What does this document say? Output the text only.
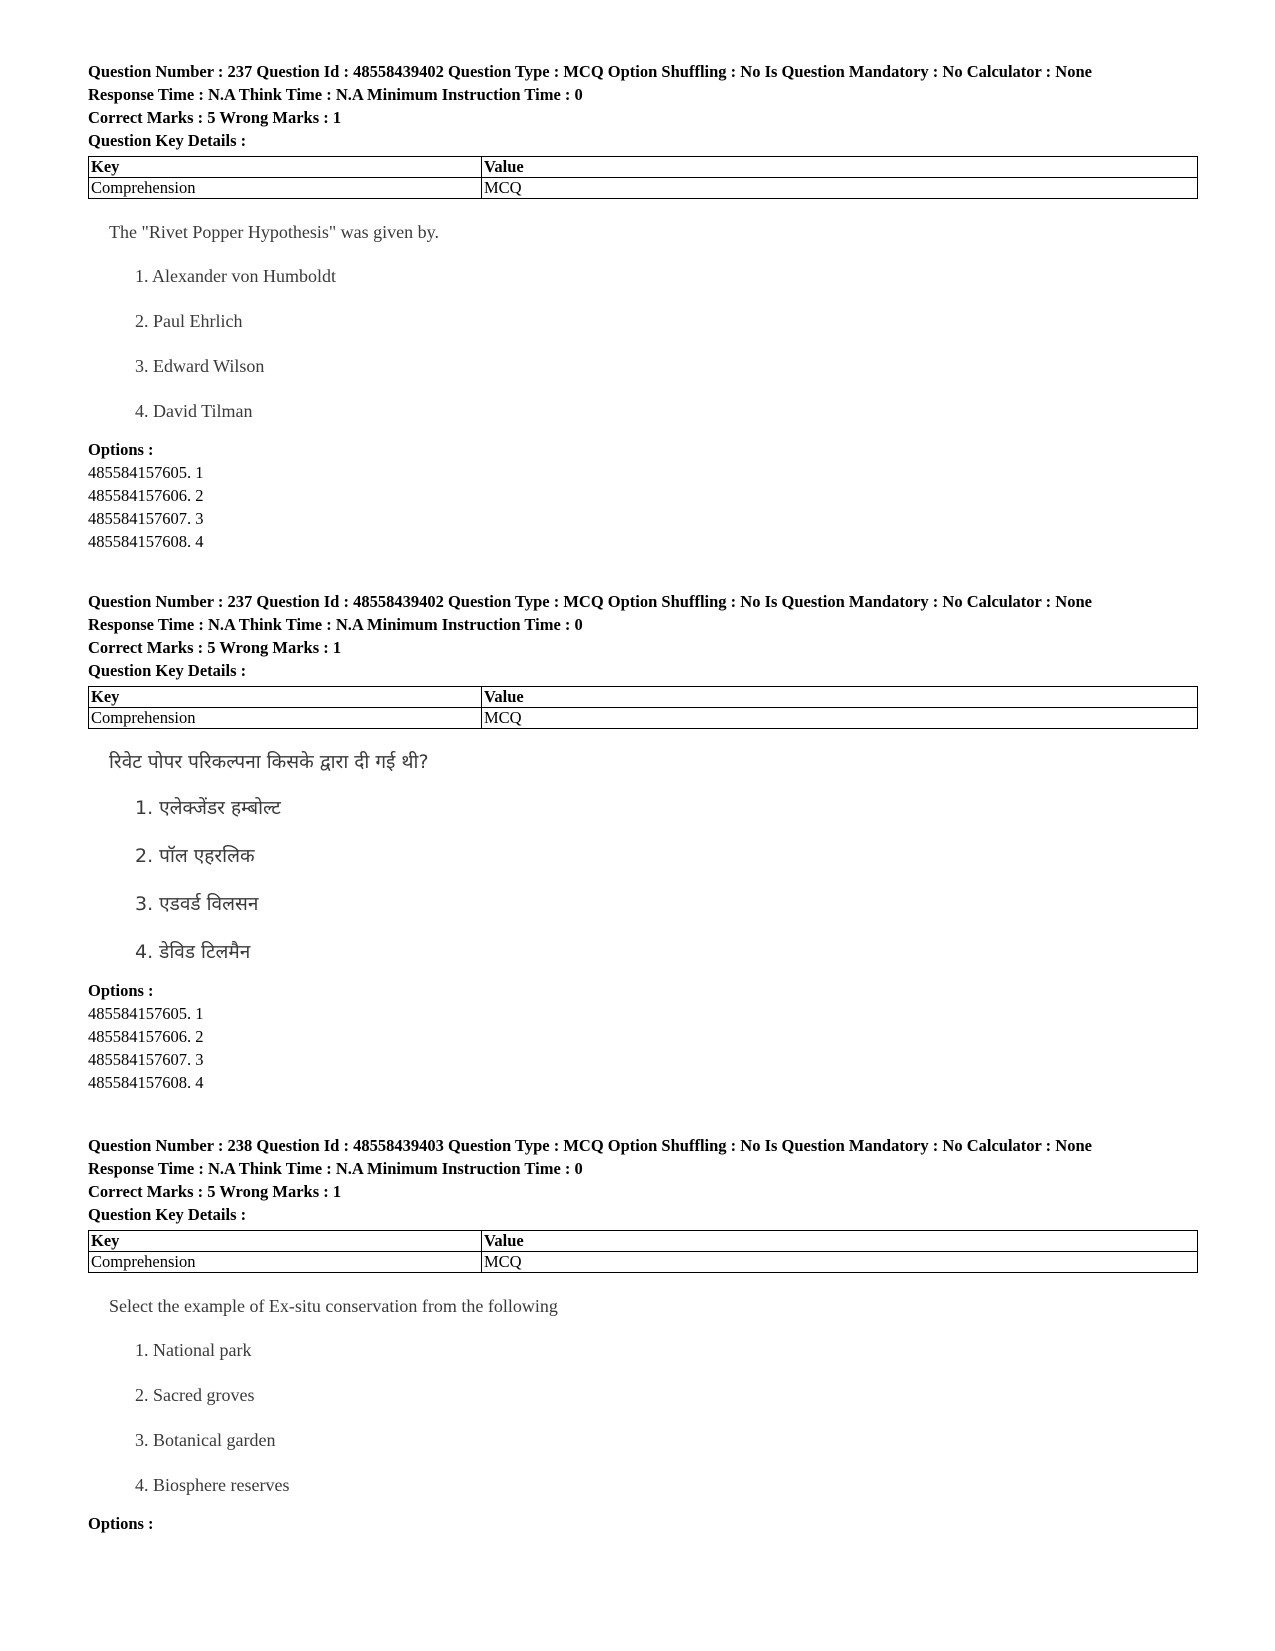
Question Number : 237 Question Id : 48558439402 Question Type : MCQ Option Shuffling : No Is Question Mandatory : No Calculator : None

Response Time : N.A Think Time : N.A Minimum Instruction Time : 0

Correct Marks : 5 Wrong Marks : 1

Question Key Details :

Key	Value
Comprehension	MCQ
The "Rivet Popper Hypothesis" was given by.
1. Alexander von Humboldt
2. Paul Ehrlich
3. Edward Wilson
4. David Tilman
Options :
485584157605. 1
485584157606. 2
485584157607. 3
485584157608. 4

Question Number : 237 Question Id : 48558439402 Question Type : MCQ Option Shuffling : No Is Question Mandatory : No Calculator : None

Response Time : N.A Think Time : N.A Minimum Instruction Time : 0

Correct Marks : 5 Wrong Marks : 1

Question Key Details :

Key	Value
Comprehension	MCQ
रिवेट पोपर परिकल्पना किसके द्वारा दी गई थी?
1. एलेक्जेंडर हम्बोल्ट
2. पॉल एहरलिक
3. एडवर्ड विलसन
4. डेविड टिलमैन
Options :
485584157605. 1
485584157606. 2
485584157607. 3
485584157608. 4

Question Number : 238 Question Id : 48558439403 Question Type : MCQ Option Shuffling : No Is Question Mandatory : No Calculator : None

Response Time : N.A Think Time : N.A Minimum Instruction Time : 0

Correct Marks : 5 Wrong Marks : 1

Question Key Details :

Key	Value
Comprehension	MCQ
Select the example of Ex-situ conservation from the following
1. National park
2. Sacred groves
3. Botanical garden
4. Biosphere reserves
Options :
